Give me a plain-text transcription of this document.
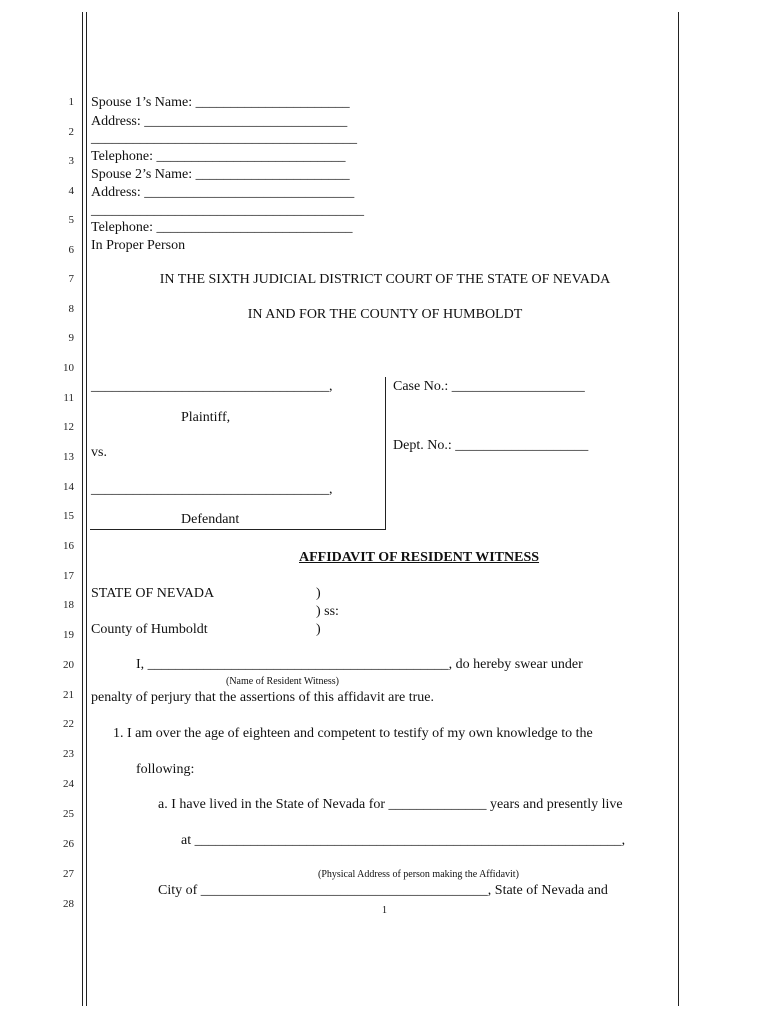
1
2
3
4
5
6
7
8
9
10
11
12
13
14
15
16
17
18
19
20
21
22
23
24
25
26
27
28
Spouse 1’s Name: ______________________
Address: _____________________________
______________________________________
Telephone: ___________________________
Spouse 2’s Name: ______________________
Address: ______________________________
_______________________________________
Telephone: ____________________________
In Proper Person
IN THE SIXTH JUDICIAL DISTRICT COURT OF THE STATE OF NEVADA
IN AND FOR THE COUNTY OF HUMBOLDT
__________________________________,
Plaintiff,
vs.
__________________________________,
Defendant
Case No.: ___________________
Dept. No.: ___________________
AFFIDAVIT OF RESIDENT WITNESS
STATE OF NEVADA
County of Humboldt
)
) ss:
)
I, ___________________________________________, do hereby swear under
(Name of Resident Witness)
penalty of perjury that the assertions of this affidavit are true.
1. I am over the age of eighteen and competent to testify of my own knowledge to the
following:
a. I have lived in the State of Nevada for ______________ years and presently live
at _____________________________________________________________,
(Physical Address of person making the Affidavit)
City of _________________________________________, State of Nevada and
1
